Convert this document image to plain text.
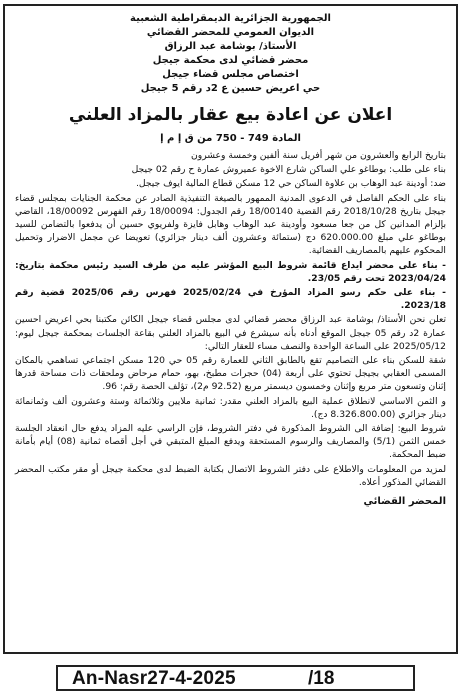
الجمهورية الجزائرية الديمقراطية الشعبية
الديوان العمومي للمحضر القضائي
الأستاذ/ بوشامة عبد الرزاق
محضر قضائي لدى محكمة جيجل
اختصاص مجلس قضاء جيجل
حي اعريض حسين ع 2د رقم 5 جيجل
اعلان عن اعادة بيع عقار بالمزاد العلني
المادة 749 - 750 من ق إ م إ

بتاريخ الرابع والعشرون من شهر أفريل سنة ألفين وخمسة وعشرون

بناء على طلب: بوطاغو علي الساكن شارع الاخوة عميروش عمارة ح رقم 02 جيجل

ضد: أودينة عبد الوهاب بن علاوة الساكن حي 12 مسكن قطاع المالية ايوف جيجل.

بناء على الحكم الفاصل في الدعوى المدنية الممهور بالصيغة التنفيذية الصادر عن محكمة الجنايات بمجلس قضاء جيجل بتاريخ 2018/10/28 رقم القضية 18/00140 رقم الجدول: 18/00094 رقم الفهرس 18/00092، القاضي بإلزام المدانين كل من جعا مسعود وأودينة عبد الوهاب وهابل فايزة ولفريوي حسين أن يدفعوا بالتضامن للسيد بوطاغو علي مبلغ 620.000.00 دج (ستمائة وعشرون ألف دينار جزائري) تعويضا عن مجمل الاضرار وتحميل المحكوم عليهم بالمصاريف القضائية.

- بناء على محضر ايداع قائمة شروط البيع المؤشر عليه من طرف السيد رئيس محكمة بتاريخ: 2023/04/24 تحت رقم 23/05.

- بناء على حكم رسو المزاد المؤرخ في 2025/02/24 فهرس رقم 2025/06 قضية رقم 2023/18.

تعلن نحن الأستاذ/ بوشامة عبد الرزاق محضر قضائي لدى مجلس قضاء جيجل الكائن مكتبنا بحي اعريض احسين عمارة 2د رقم 05 جيجل الموقع أدناه بأنه سيشرع في البيع بالمزاد العلني بقاعة الجلسات بمحكمة جيجل ليوم: 2025/05/12 على الساعة الواحدة والنصف مساء للعقار التالي:

شقة للسكن بناء على التصاميم تقع بالطابق الثاني للعمارة رقم 05 حي 120 مسكن اجتماعي تساهمي بالمكان المسمى العقابي بجيجل تحتوي على أربعة (04) حجرات مطبخ، بهو، حمام مرحاض وملحقات ذات مساحة قدرها إثنان وتسعون متر مربع وإثنان وخمسون ديسمتر مربع (92.52 م2)، تؤلف الحصة رقم: 96.

و الثمن الاساسي لانطلاق عملية البيع بالمزاد العلني مقدر: ثمانية ملايين وثلاثمائة وستة وعشرون ألف وثمانمائة دينار جزائري (8.326.800.00 دج).

شروط البيع: إضافة الى الشروط المذكورة في دفتر الشروط، فإن الراسي عليه المزاد يدفع حال انعقاد الجلسة خمس الثمن (5/1) والمصاريف والرسوم المستحقة ويدفع المبلغ المتبقي في أجل أقصاه ثمانية (08) أيام بأمانة ضبط المحكمة.

لمزيد من المعلومات والاطلاع على دفتر الشروط الاتصال بكتابة الضبط لدى محكمة جيجل أو مقر مكتب المحضر القضائي المذكور أعلاه.

المحضر القضائي
An-Nasr27-4-2025	/18
